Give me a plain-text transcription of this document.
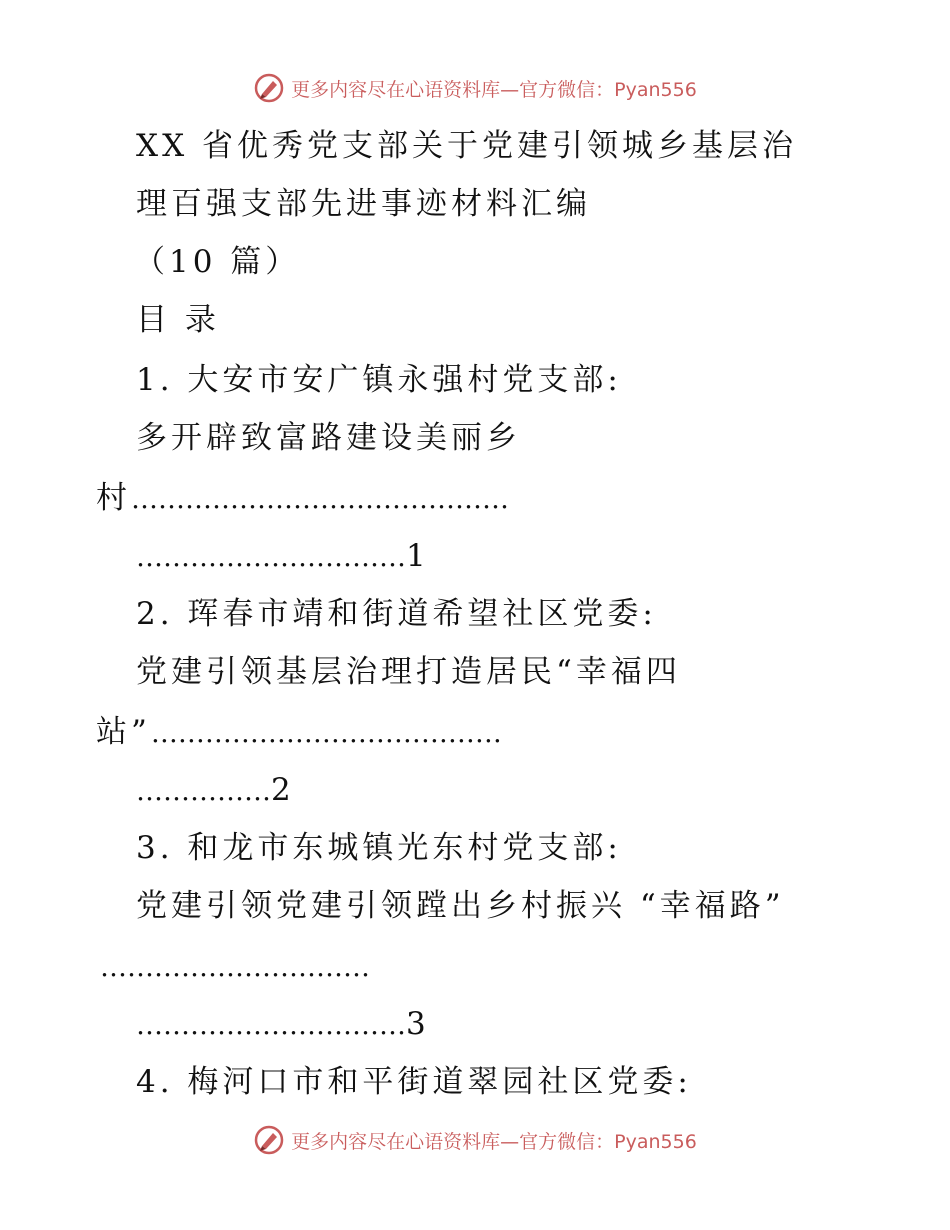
更多内容尽在心语资料库—官方微信：Pyan556
XX 省优秀党支部关于党建引领城乡基层治
理百强支部先进事迹材料汇编
（10 篇）
目 录
1. 大安市安广镇永强村党支部:
多开辟致富路建设美丽乡
村……………………………………
…………………………1
2. 珲春市靖和街道希望社区党委:
党建引领基层治理打造居民“幸福四
站”…………………………………
……………2
3. 和龙市东城镇光东村党支部:
党建引领党建引领蹚出乡村振兴 “幸福路”
…………………………
…………………………3
4. 梅河口市和平街道翠园社区党委:
更多内容尽在心语资料库—官方微信：Pyan556
